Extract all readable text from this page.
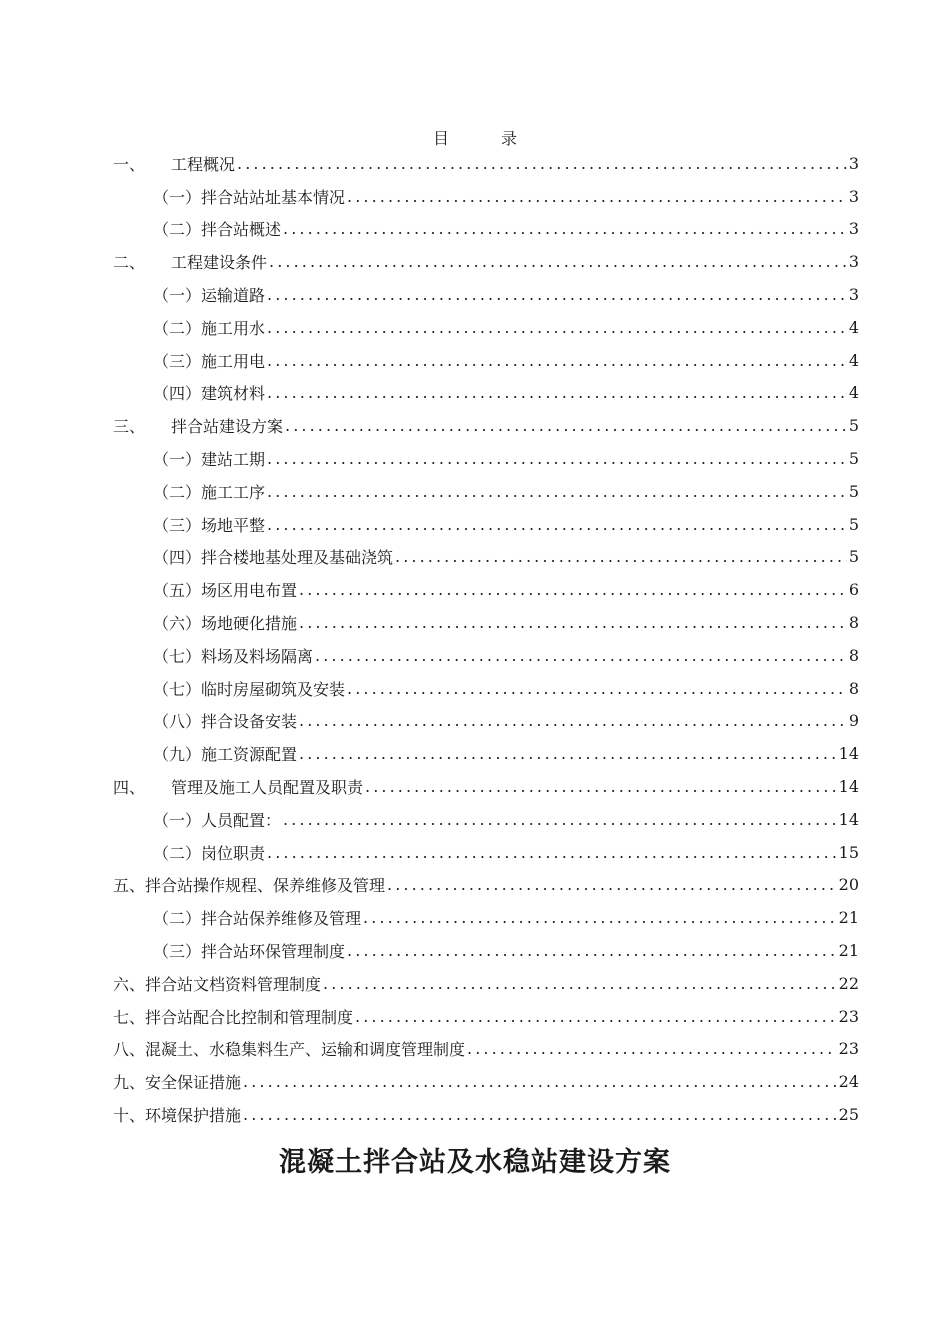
目　录
一、 工程概况 .....	3
（一）拌合站站址基本情况 .....	3
（二）拌合站概述 .....	3
二、 工程建设条件 .....	3
（一）运输道路 .....	3
（二）施工用水 .....	4
（三）施工用电 .....	4
（四）建筑材料 .....	4
三、 拌合站建设方案 .....	5
（一）建站工期 .....	5
（二）施工工序 .....	5
（三）场地平整 .....	5
（四）拌合楼地基处理及基础浇筑 .....	5
（五）场区用电布置 .....	6
（六）场地硬化措施 .....	8
（七）料场及料场隔离 .....	8
（七）临时房屋砌筑及安装 .....	8
（八）拌合设备安装 .....	9
（九）施工资源配置 .....	14
四、 管理及施工人员配置及职责 .....	14
（一）人员配置： .....	14
（二）岗位职责 .....	15
五、拌合站操作规程、保养维修及管理 .....	20
（二）拌合站保养维修及管理 .....	21
（三）拌合站环保管理制度 .....	21
六、拌合站文档资料管理制度 .....	22
七、拌合站配合比控制和管理制度 .....	23
八、混凝土、水稳集料生产、运输和调度管理制度 .....	23
九、安全保证措施 .....	24
十、环境保护措施 .....	25
混凝土拌合站及水稳站建设方案
